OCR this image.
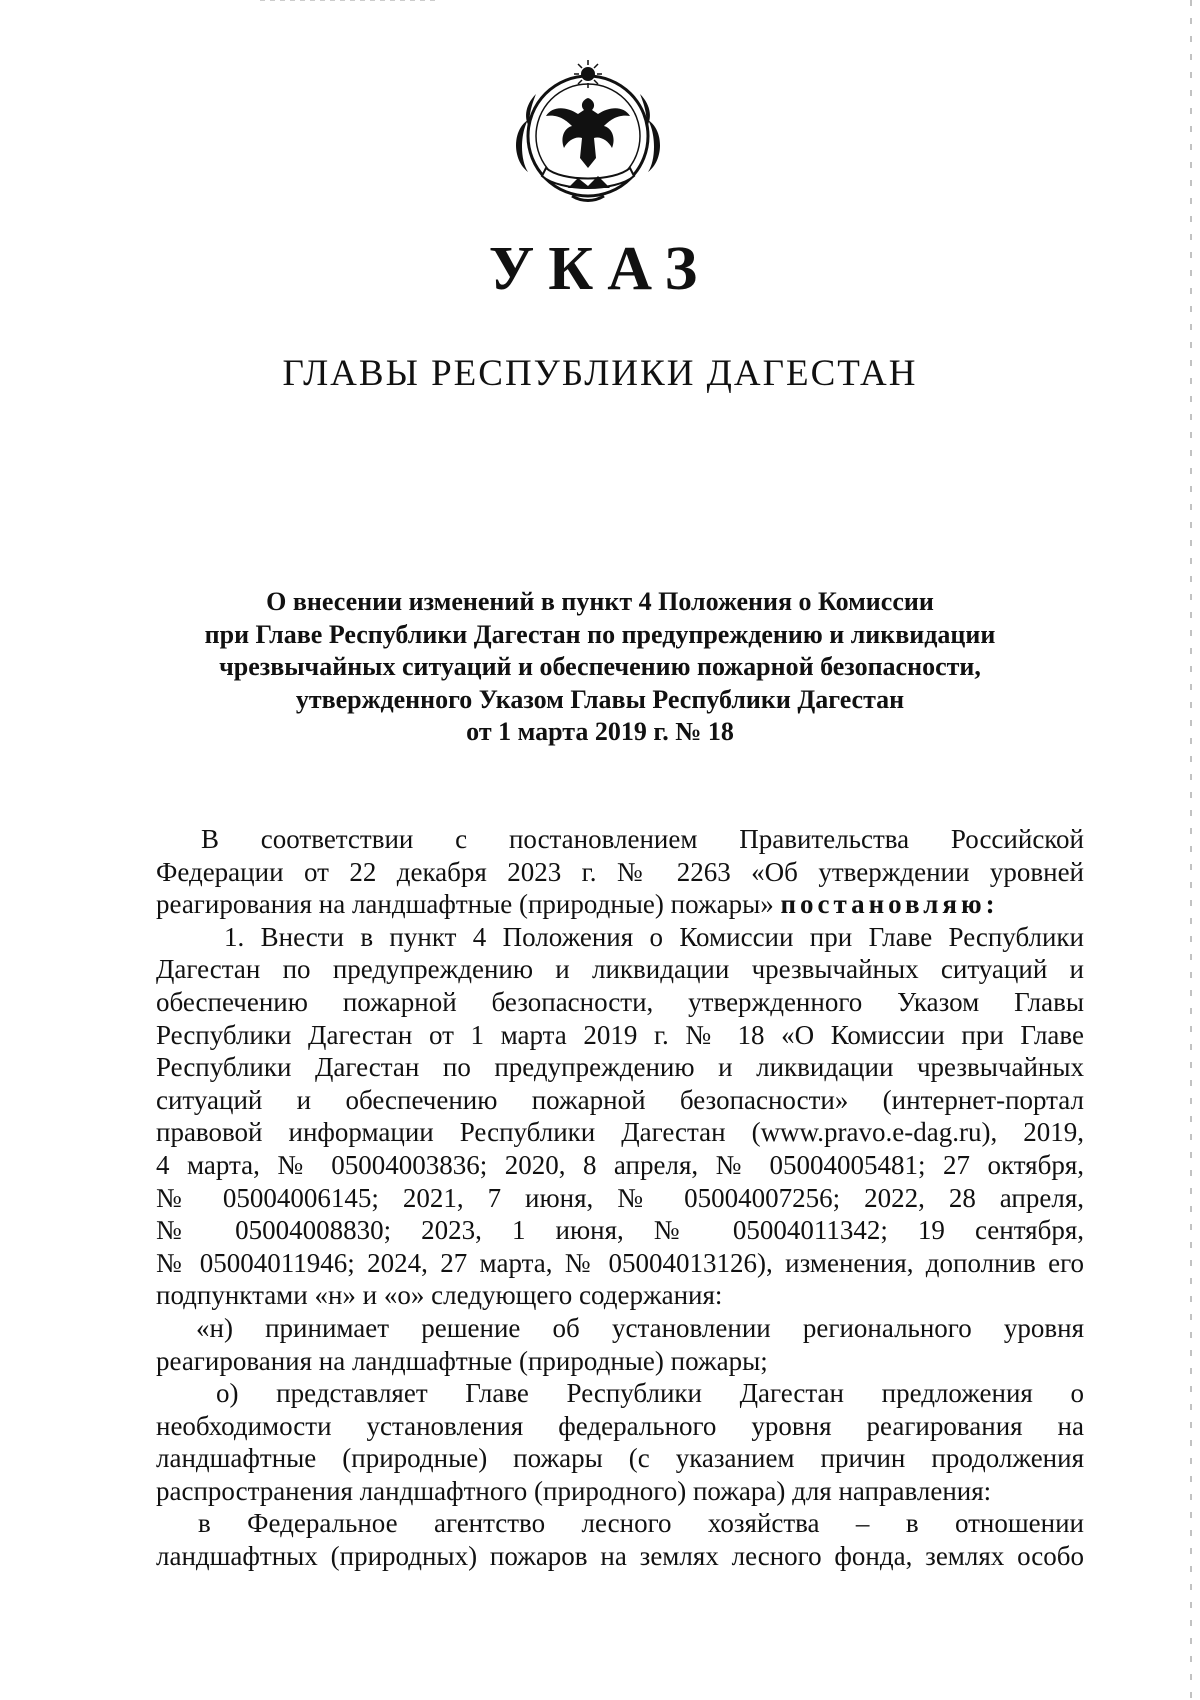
УКАЗ
ГЛАВЫ РЕСПУБЛИКИ ДАГЕСТАН
О внесении изменений в пункт 4 Положения о Комиссии
при Главе Республики Дагестан по предупреждению и ликвидации
чрезвычайных ситуаций и обеспечению пожарной безопасности,
утвержденного Указом Главы Республики Дагестан
от 1 марта 2019 г. № 18
В соответствии с постановлением Правительства Российской
Федерации от 22 декабря 2023 г. № 2263 «Об утверждении уровней
реагирования на ландшафтные (природные) пожары» постановляю:
1. Внести в пункт 4 Положения о Комиссии при Главе Республики
Дагестан по предупреждению и ликвидации чрезвычайных ситуаций и
обеспечению пожарной безопасности, утвержденного Указом Главы
Республики Дагестан от 1 марта 2019 г. № 18 «О Комиссии при Главе
Республики Дагестан по предупреждению и ликвидации чрезвычайных
ситуаций и обеспечению пожарной безопасности» (интернет-портал
правовой информации Республики Дагестан (www.pravo.e-dag.ru), 2019,
4 марта, № 05004003836; 2020, 8 апреля, № 05004005481; 27 октября,
№ 05004006145; 2021, 7 июня, № 05004007256; 2022, 28 апреля,
№ 05004008830; 2023, 1 июня, № 05004011342; 19 сентября,
№ 05004011946; 2024, 27 марта, № 05004013126), изменения, дополнив его
подпунктами «н» и «о» следующего содержания:
«н) принимает решение об установлении регионального уровня
реагирования на ландшафтные (природные) пожары;
о) представляет Главе Республики Дагестан предложения о
необходимости установления федерального уровня реагирования на
ландшафтные (природные) пожары (с указанием причин продолжения
распространения ландшафтного (природного) пожара) для направления:
в Федеральное агентство лесного хозяйства – в отношении
ландшафтных (природных) пожаров на землях лесного фонда, землях особо
